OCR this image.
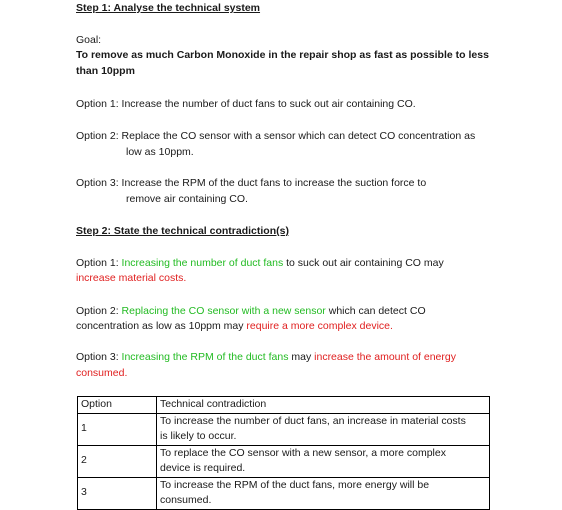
Step 1: Analyse the technical system

Goal:

To remove as much Carbon Monoxide in the repair shop as fast as possible to less

than 10ppm

Option 1: Increase the number of duct fans to suck out air containing CO.

Option 2: Replace the CO sensor with a sensor which can detect CO concentration as

low as 10ppm.

Option 3: Increase the RPM of the duct fans to increase the suction force to

remove air containing CO.

Step 2: State the technical contradiction(s)

Option 1: Increasing the number of duct fans to suck out air containing CO may

increase material costs.

Option 2: Replacing the CO sensor with a new sensor which can detect CO

concentration as low as 10ppm may require a more complex device.

Option 3: Increasing the RPM of the duct fans may increase the amount of energy

consumed.

Option	Technical contradiction
1	To increase the number of duct fans, an increase in material costs
is likely to occur.

2	To replace the CO sensor with a new sensor, a more complex
device is required.

3	To increase the RPM of the duct fans, more energy will be
consumed.
